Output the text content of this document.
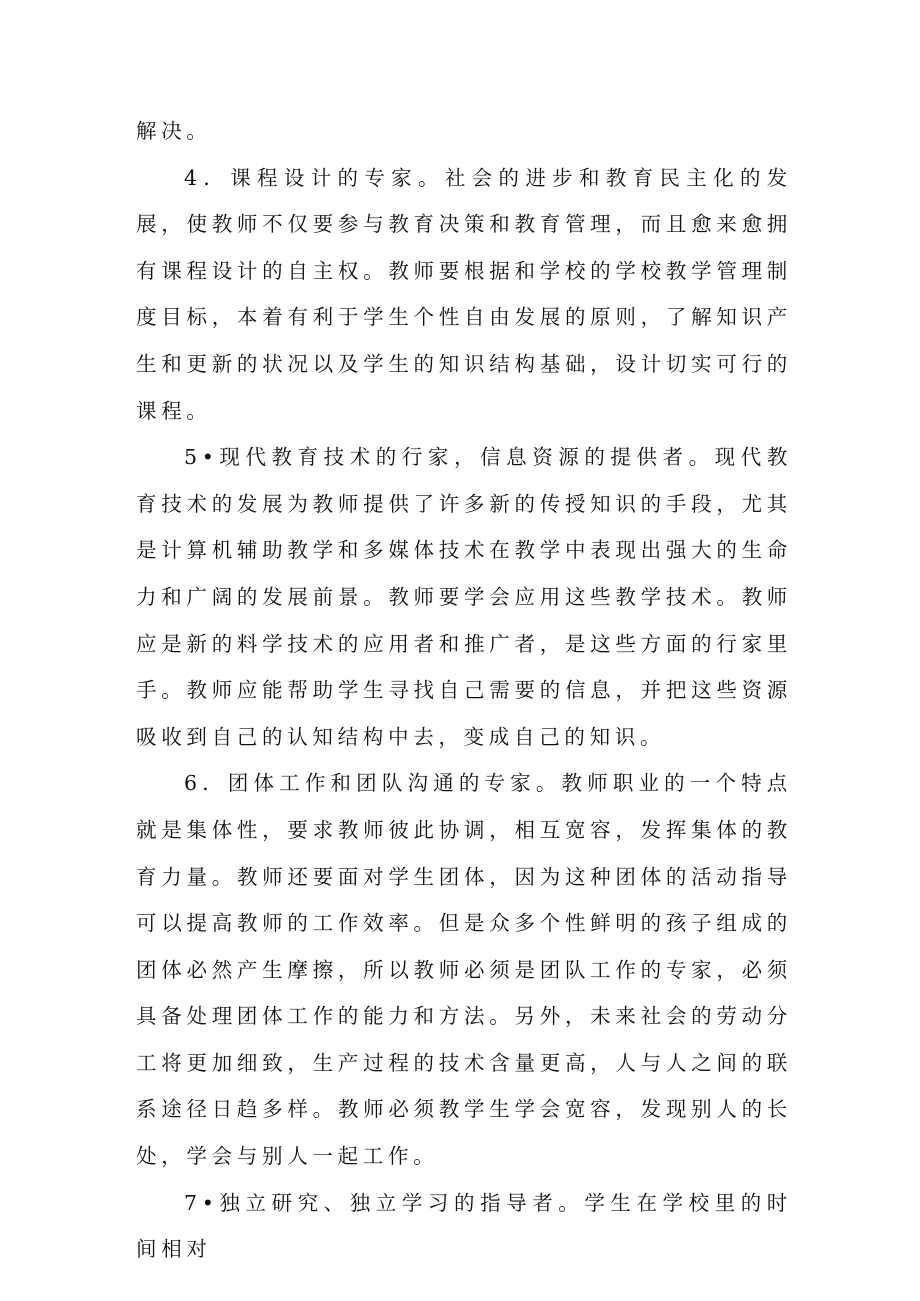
解决。

4．课程设计的专家。社会的进步和教育民主化的发展，使教师不仅要参与教育决策和教育管理，而且愈来愈拥有课程设计的自主权。教师要根据和学校的学校教学管理制度目标，本着有利于学生个性自由发展的原则，了解知识产生和更新的状况以及学生的知识结构基础，设计切实可行的课程。

5•现代教育技术的行家，信息资源的提供者。现代教育技术的发展为教师提供了许多新的传授知识的手段，尤其是计算机辅助教学和多媒体技术在教学中表现出强大的生命力和广阔的发展前景。教师要学会应用这些教学技术。教师应是新的料学技术的应用者和推广者，是这些方面的行家里手。教师应能帮助学生寻找自己需要的信息，并把这些资源吸收到自己的认知结构中去，变成自己的知识。

6．团体工作和团队沟通的专家。教师职业的一个特点就是集体性，要求教师彼此协调，相互宽容，发挥集体的教育力量。教师还要面对学生团体，因为这种团体的活动指导可以提高教师的工作效率。但是众多个性鲜明的孩子组成的团体必然产生摩擦，所以教师必须是团队工作的专家，必须具备处理团体工作的能力和方法。另外，未来社会的劳动分工将更加细致，生产过程的技术含量更高，人与人之间的联系途径日趋多样。教师必须教学生学会宽容，发现别人的长处，学会与别人一起工作。

7•独立研究、独立学习的指导者。学生在学校里的时间相对
